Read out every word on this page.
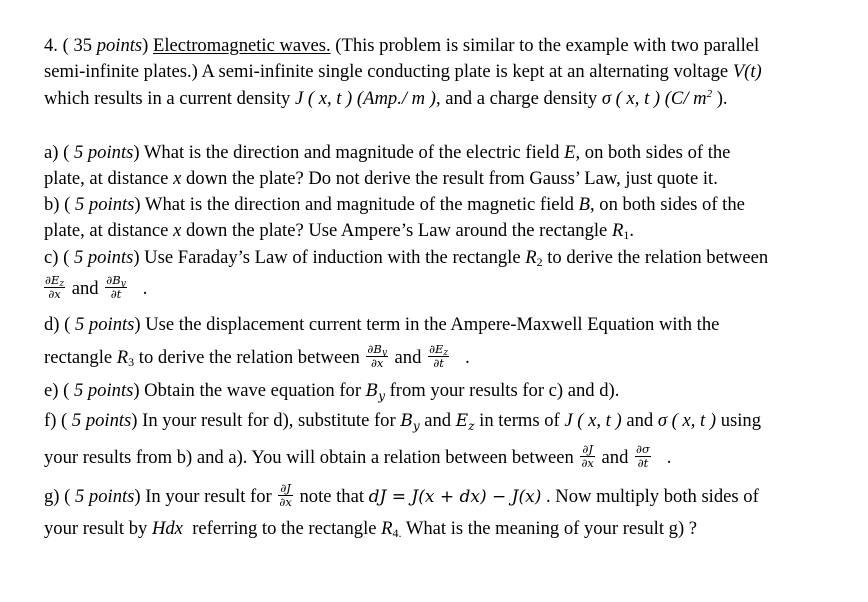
4. ( 35 points) Electromagnetic waves. (This problem is similar to the example with two parallel
semi-infinite plates.) A semi-infinite single conducting plate is kept at an alternating voltage V(t)
which results in a current density J ( x, t ) (Amp./ m ), and a charge density σ ( x, t ) (C/ $m^2$ ).
a) ( 5 points) What is the direction and magnitude of the electric field E, on both sides of the
plate, at distance x down the plate? Do not derive the result from Gauss’ Law, just quote it.
b) ( 5 points) What is the direction and magnitude of the magnetic field B, on both sides of the
plate, at distance x down the plate? Use Ampere’s Law around the rectangle $R_1$.
c) ( 5 points) Use Faraday’s Law of induction with the rectangle $R_2$ to derive the relation between
$\frac{\partial E_z}{\partial x}$ and $\frac{\partial B_y}{\partial t}$ .
d) ( 5 points) Use the displacement current term in the Ampere-Maxwell Equation with the
rectangle $R_3$ to derive the relation between $\frac{\partial B_y}{\partial x}$ and $\frac{\partial E_z}{\partial t}$ .
e) ( 5 points) Obtain the wave equation for $B_y$ from your results for c) and d).
f) ( 5 points) In your result for d), substitute for $B_y$ and $E_z$ in terms of J ( x, t ) and σ ( x, t ) using
your results from b) and a). You will obtain a relation between between $\frac{\partial J}{\partial x}$ and $\frac{\partial\sigma}{\partial t}$ .
g) ( 5 points) In your result for $\frac{\partial J}{\partial x}$ note that dJ = J(x + dx) − J(x) . Now multiply both sides of
your result by Hdx  referring to the rectangle $R_{4.}$ What is the meaning of your result g) ?
